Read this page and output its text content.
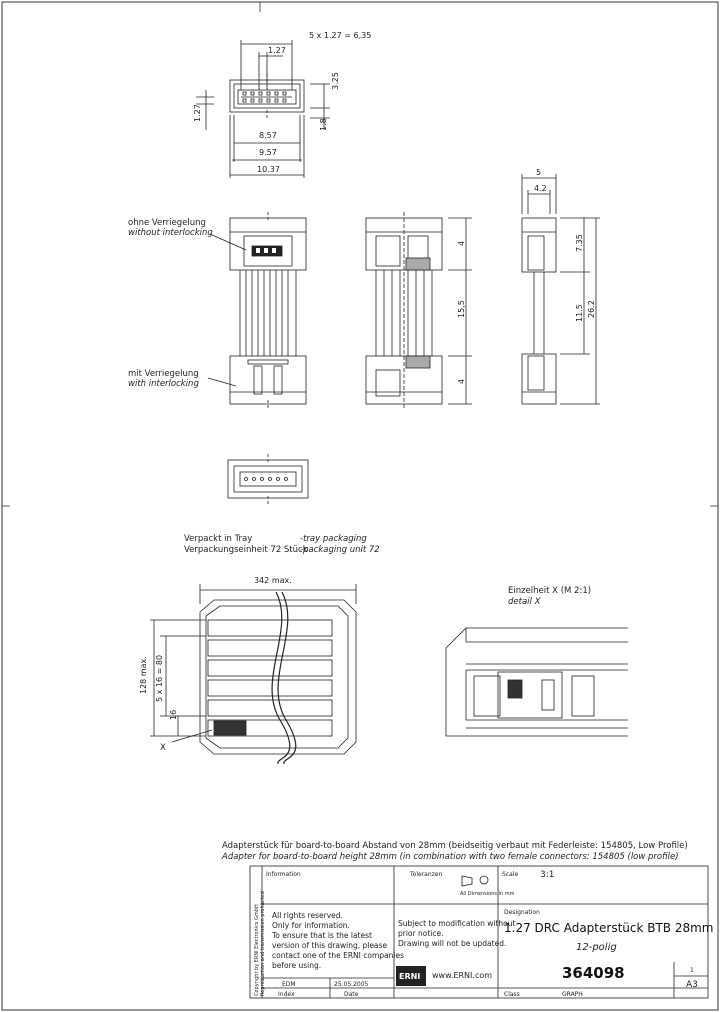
5 x 1.27 = 6,35
1.27
3.25
1.27
1.8
8.57
9.57
10.37
ohne Verriegelung
without interlocking
mit Verriegelung
with interlocking
4
15,5
4
5
4.2
7.35
11.5 26.2
Verpackt in Tray	-tray packaging
Verpackungseinheit 72 Stück
-packaging unit 72
342 max.
128 max. 5 x 16 = 80
16
X
Einzelheit X (M 2:1)
detail X
Adapterstück für board-to-board Abstand von 28mm (beidseitig verbaut mit Federleiste: 154805, Low Profile)
Adapter for board-to-board height 28mm (in combination with two female connectors: 154805 (low profile)
Copyright by ERNI Electronics GmbH Reproduction and transmission prohibited
Information	Toleranzen
All Dimensions in mm
Scale 3:1
All rights reserved.
Only for information.
To ensure that is the latest
version of this drawing, please
contact one of the ERNI companies
before using.
Subject to modification without
prior notice.
Drawing will not be updated.
Designation
1.27 DRC Adapterstück BTB 28mm
12-polig
ERNI www.ERNI.com	364098	1
A3
EDM	25.05.2005
Index	Date	Class	GRAPH
